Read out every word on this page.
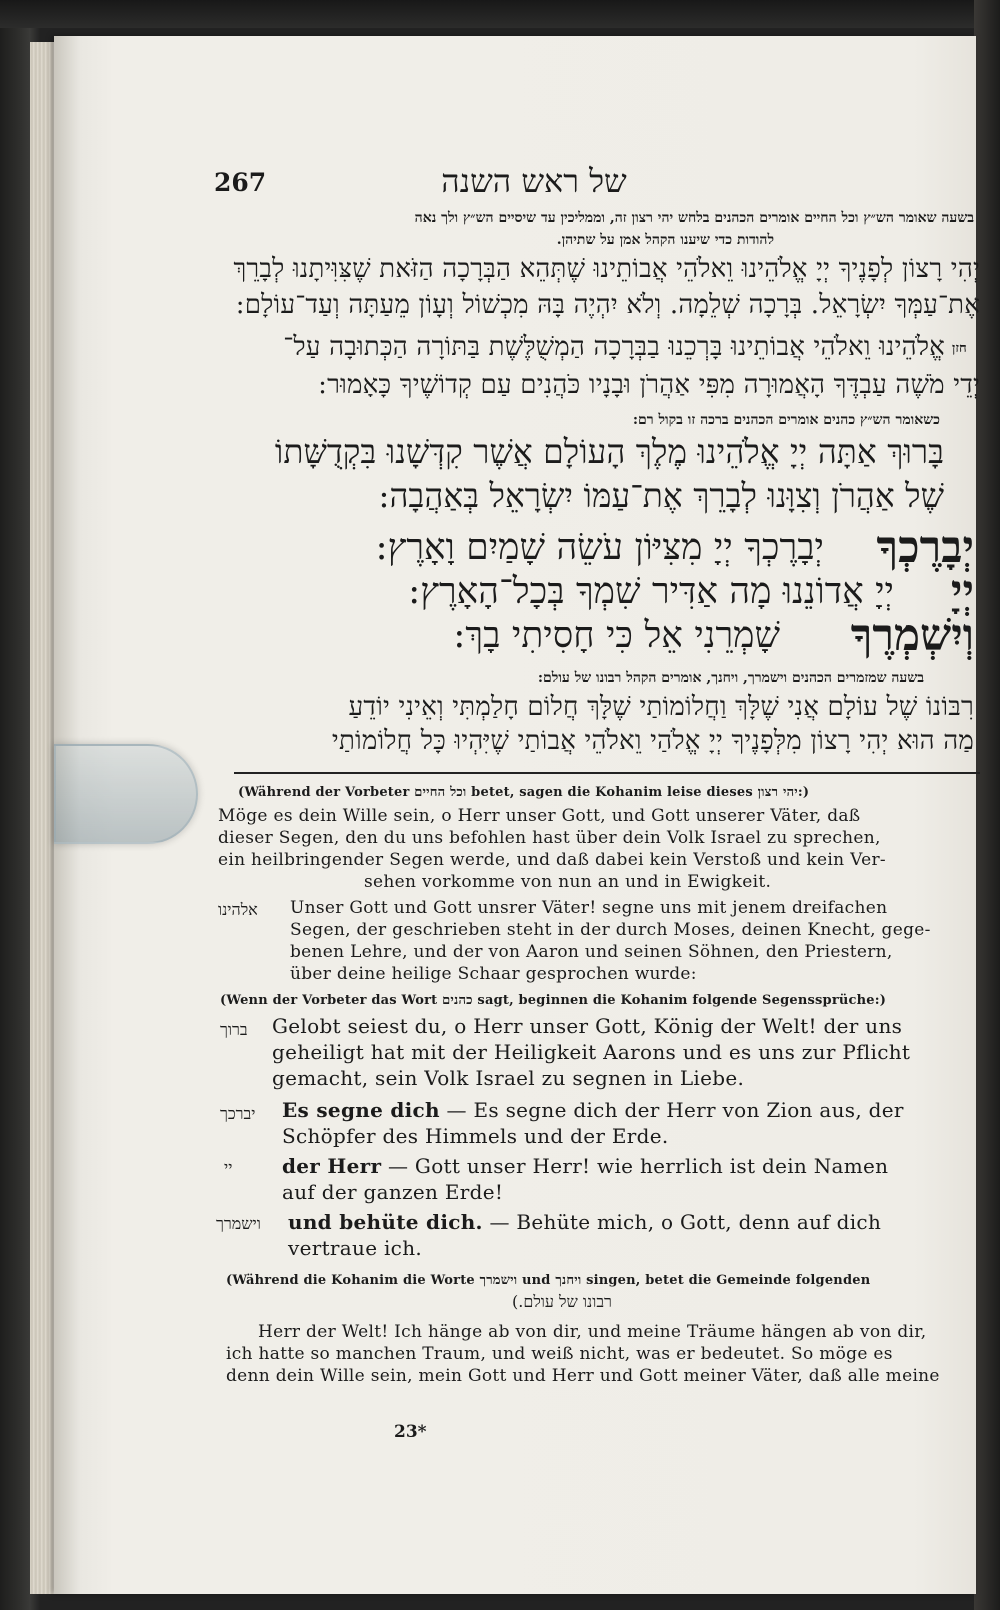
267	של ראש השנה
בשעה שאומר הש״ץ וכל החיים אומרים הכהנים בלחש יהי רצון זה, וממליכין עד שיסיים הש״ץ ולך נאה
להודות כדי שיענו הקהל אמן על שתיהן.
יְהִי רָצוֹן לְפָנֶיךָ יְיָ אֱלֹהֵינוּ וֵאלֹהֵי אֲבוֹתֵינוּ שֶׁתְּהֵא הַבְּרָכָה הַזֹּאת שֶׁצִּוִּיתָנוּ לְבָרֵךְ
אֶת־עַמְּךָ יִשְׂרָאֵל. בְּרָכָה שְׁלֵמָה. וְלֹא יִהְיֶה בָּהּ מִכְשׁוֹל וְעָוֹן מֵעַתָּה וְעַד־עוֹלָם:
חזן
אֱלֹהֵינוּ וֵאלֹהֵי אֲבוֹתֵינוּ בָּרְכֵנוּ בַבְּרָכָה הַמְשֻׁלֶּשֶׁת בַּתּוֹרָה הַכְּתוּבָה עַל־
יְדֵי מֹשֶׁה עַבְדֶּךָ הָאֲמוּרָה מִפִּי אַהֲרֹן וּבָנָיו כֹּהֲנִים עַם קְדוֹשֶׁיךָ כָּאָמוּר:
כשאומר הש״ץ כהנים אומרים הכהנים ברכה זו בקול רם:
בָּרוּךְ אַתָּה יְיָ אֱלֹהֵינוּ מֶלֶךְ הָעוֹלָם אֲשֶׁר קִדְּשָׁנוּ בִּקְדֻשָּׁתוֹ
שֶׁל אַהֲרֹן וְצִוָּנוּ לְבָרֵךְ אֶת־עַמּוֹ יִשְׂרָאֵל בְּאַהֲבָה:
יְבָרֶכְךָ
יְבָרֶכְךָ יְיָ מִצִּיּוֹן עֹשֵׂה שָׁמַיִם וָאָרֶץ:
יְיָ
יְיָ אֲדוֹנֵנוּ מָה אַדִּיר שִׁמְךָ בְּכָל־הָאָרֶץ:
וְיִשְׁמְרֶךָ
שָׁמְרֵנִי אֵל כִּי חָסִיתִי בָךְ:
בשעה שמזמרים הכהנים וישמרך, ויחנך, אומרים הקהל רבונו של עולם:
רִבּוֹנוֹ שֶׁל עוֹלָם אֲנִי שֶׁלָּךְ וַחֲלוֹמוֹתַי שֶׁלָּךְ חֲלוֹם חָלַמְתִּי וְאֵינִי יוֹדֵעַ
מַה הוּא יְהִי רָצוֹן מִלְּפָנֶיךָ יְיָ אֱלֹהַי וֵאלֹהֵי אֲבוֹתַי שֶׁיִּהְיוּ כָּל חֲלוֹמוֹתַי
(Während der Vorbeter וכל החיים betet, sagen die Kohanim leise dieses יהי רצון:)
Möge es dein Wille sein, o Herr unser Gott, und Gott unserer Väter, daß
dieser Segen, den du uns befohlen hast über dein Volk Israel zu sprechen,
ein heilbringender Segen werde, und daß dabei kein Verstoß und kein Ver-
sehen vorkomme von nun an und in Ewigkeit.
אלהינו Unser Gott und Gott unsrer Väter! segne uns mit jenem dreifachen
Segen, der geschrieben steht in der durch Moses, deinen Knecht, gege-
benen Lehre, und der von Aaron und seinen Söhnen, den Priestern,
über deine heilige Schaar gesprochen wurde:
(Wenn der Vorbeter das Wort כהנים sagt, beginnen die Kohanim folgende Segenssprüche:)
ברוך Gelobt seiest du, o Herr unser Gott, König der Welt! der uns
geheiligt hat mit der Heiligkeit Aarons und es uns zur Pflicht
gemacht, sein Volk Israel zu segnen in Liebe.
יברכך Es segne dich — Es segne dich der Herr von Zion aus, der
Schöpfer des Himmels und der Erde.
יי der Herr — Gott unser Herr! wie herrlich ist dein Namen
auf der ganzen Erde!
וישמרך und behüte dich. — Behüte mich, o Gott, denn auf dich
vertraue ich.
(Während die Kohanim die Worte וישמרך und ויחנך singen, betet die Gemeinde folgenden
רבונו של עולם.)
Herr der Welt! Ich hänge ab von dir, und meine Träume hängen ab von dir,
ich hatte so manchen Traum, und weiß nicht, was er bedeutet. So möge es
denn dein Wille sein, mein Gott und Herr und Gott meiner Väter, daß alle meine
23*
